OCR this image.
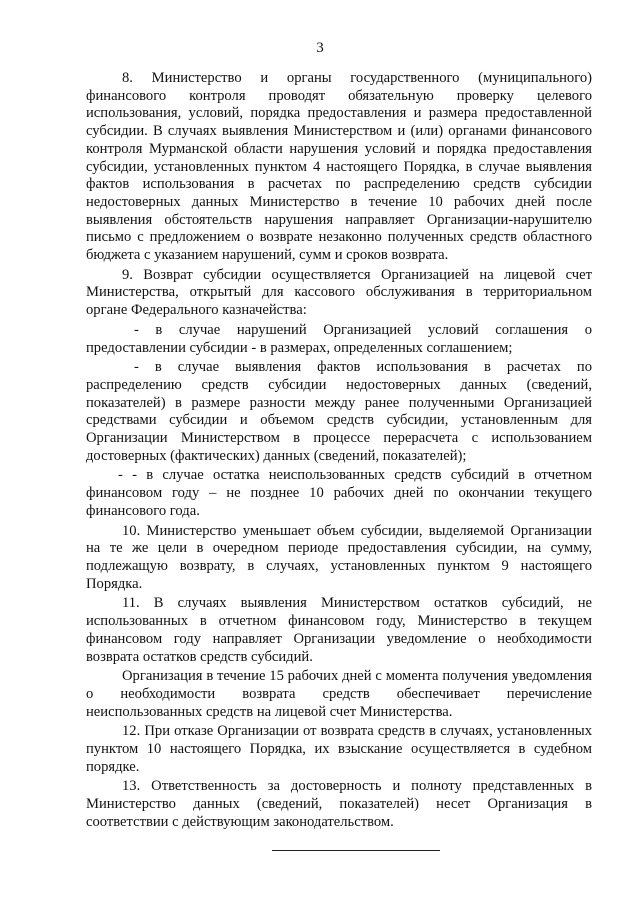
3

8. Министерство и органы государственного (муниципального) финансового контроля проводят обязательную проверку целевого использования, условий, порядка предоставления и размера предоставленной субсидии. В случаях выявления Министерством и (или) органами финансового контроля Мурманской области нарушения условий и порядка предоставления субсидии, установленных пунктом 4 настоящего Порядка, в случае выявления фактов использования в расчетах по распределению средств субсидии недостоверных данных Министерство в течение 10 рабочих дней после выявления обстоятельств нарушения направляет Организации-нарушителю письмо с предложением о возврате незаконно полученных средств областного бюджета с указанием нарушений, сумм и сроков возврата.

9. Возврат субсидии осуществляется Организацией на лицевой счет Министерства, открытый для кассового обслуживания в территориальном органе Федерального казначейства:

- в случае нарушений Организацией условий соглашения о предоставлении субсидии - в размерах, определенных соглашением;

- в случае выявления фактов использования в расчетах по распределению средств субсидии недостоверных данных (сведений, показателей) в размере разности между ранее полученными Организацией средствами субсидии и объемом средств субсидии, установленным для Организации Министерством в процессе перерасчета с использованием достоверных (фактических) данных (сведений, показателей);

- - в случае остатка неиспользованных средств субсидий в отчетном финансовом году – не позднее 10 рабочих дней по окончании текущего финансового года.

10. Министерство уменьшает объем субсидии, выделяемой Организации на те же цели в очередном периоде предоставления субсидии, на сумму, подлежащую возврату, в случаях, установленных пунктом 9 настоящего Порядка.

11. В случаях выявления Министерством остатков субсидий, не использованных в отчетном финансовом году, Министерство в текущем финансовом году направляет Организации уведомление о необходимости возврата остатков средств субсидий.

Организация в течение 15 рабочих дней с момента получения уведомления о необходимости возврата средств обеспечивает перечисление неиспользованных средств на лицевой счет Министерства.

12. При отказе Организации от возврата средств в случаях, установленных пунктом 10 настоящего Порядка, их взыскание осуществляется в судебном порядке.

13. Ответственность за достоверность и полноту представленных в Министерство данных (сведений, показателей) несет Организация в соответствии с действующим законодательством.
